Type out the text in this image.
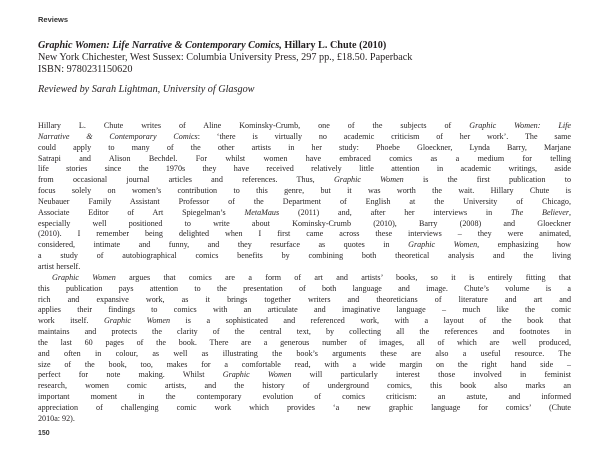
Reviews
Graphic Women: Life Narrative & Contemporary Comics, Hillary L. Chute (2010)
New York Chichester, West Sussex: Columbia University Press, 297 pp., £18.50. Paperback
ISBN: 9780231150620
Reviewed by Sarah Lightman, University of Glasgow
Hillary L. Chute writes of Aline Kominsky-Crumb, one of the subjects of Graphic Women: Life
Narrative & Contemporary Comics: ‘there is virtually no academic criticism of her work’. The same
could apply to many of the other artists in her study: Phoebe Gloeckner, Lynda Barry, Marjane
Satrapi and Alison Bechdel. For whilst women have embraced comics as a medium for telling
life stories since the 1970s they have received relatively little attention in academic writings, aside
from occasional journal articles and references. Thus, Graphic Women is the first publication to
focus solely on women’s contribution to this genre, but it was worth the wait. Hillary Chute is
Neubauer Family Assistant Professor of the Department of English at the University of Chicago,
Associate Editor of Art Spiegelman’s MetaMaus (2011) and, after her interviews in The Believer,
especially well positioned to write about Kominsky-Crumb (2010), Barry (2008) and Gloeckner
(2010). I remember being delighted when I first came across these interviews – they were animated,
considered, intimate and funny, and they resurface as quotes in Graphic Women, emphasizing how
a study of autobiographical comics benefits by combining both theoretical analysis and the living
artist herself.
Graphic Women argues that comics are a form of art and artists’ books, so it is entirely fitting that
this publication pays attention to the presentation of both language and image. Chute’s volume is a
rich and expansive work, as it brings together writers and theoreticians of literature and art and
applies their findings to comics with an articulate and imaginative language – much like the comic
work itself. Graphic Women is a sophisticated and referenced work, with a layout of the book that
maintains and protects the clarity of the central text, by collecting all the references and footnotes in
the last 60 pages of the book. There are a generous number of images, all of which are well produced,
and often in colour, as well as illustrating the book’s arguments these are also a useful resource. The
size of the book, too, makes for a comfortable read, with a wide margin on the right hand side –
perfect for note making. Whilst Graphic Women will particularly interest those involved in feminist
research, women comic artists, and the history of underground comics, this book also marks an
important moment in the contemporary evolution of comics criticism: an astute, and informed
appreciation of challenging comic work which provides ‘a new graphic language for comics’ (Chute
2010a: 92).
150
